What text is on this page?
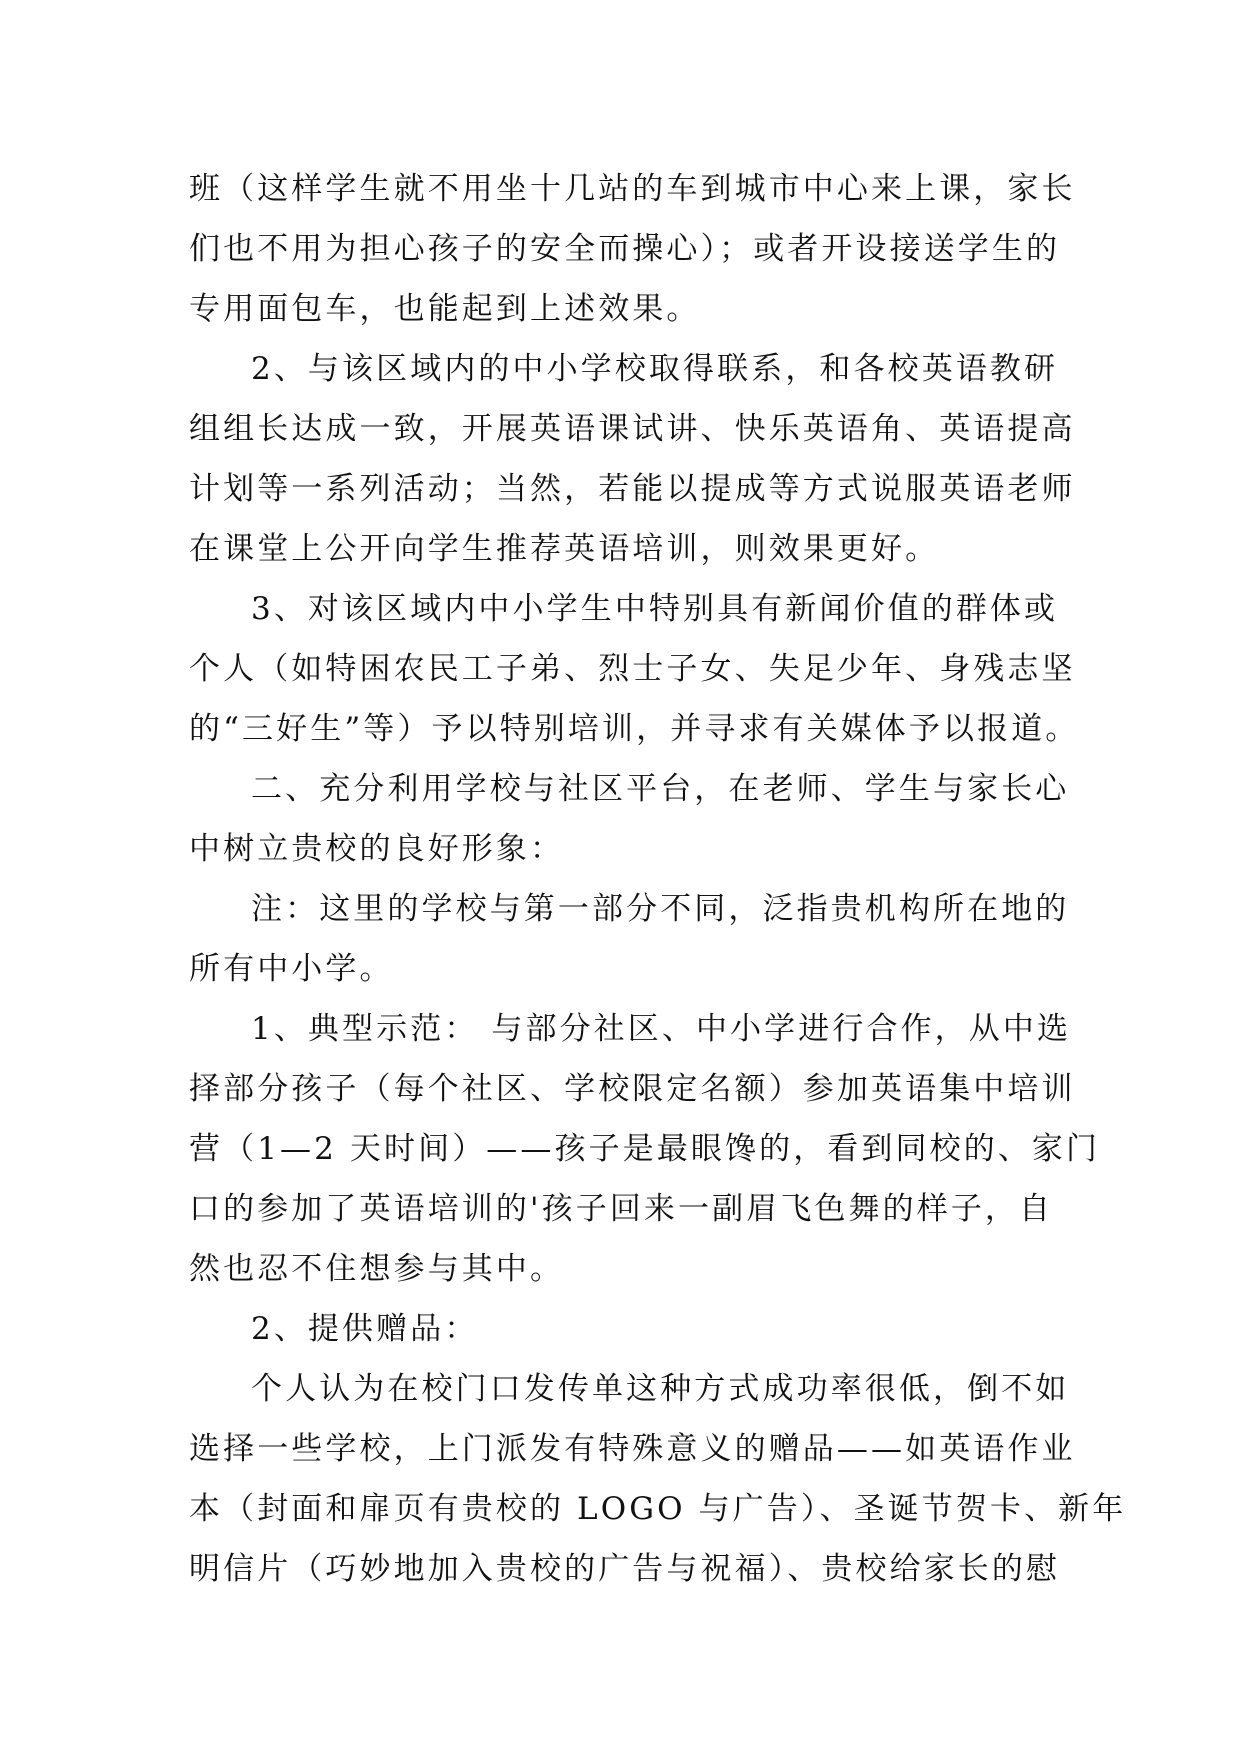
班（这样学生就不用坐十几站的车到城市中心来上课，家长
们也不用为担心孩子的安全而操心）；或者开设接送学生的
专用面包车，也能起到上述效果。
2、与该区域内的中小学校取得联系，和各校英语教研
组组长达成一致，开展英语课试讲、快乐英语角、英语提高
计划等一系列活动；当然，若能以提成等方式说服英语老师
在课堂上公开向学生推荐英语培训，则效果更好。
3、对该区域内中小学生中特别具有新闻价值的群体或
个人（如特困农民工子弟、烈士子女、失足少年、身残志坚
的“三好生”等）予以特别培训，并寻求有关媒体予以报道。
二、充分利用学校与社区平台，在老师、学生与家长心
中树立贵校的良好形象：
注：这里的学校与第一部分不同，泛指贵机构所在地的
所有中小学。
1、典型示范： 与部分社区、中小学进行合作，从中选
择部分孩子（每个社区、学校限定名额）参加英语集中培训
营（1—2 天时间）——孩子是最眼馋的，看到同校的、家门
口的参加了英语培训的'孩子回来一副眉飞色舞的样子，自
然也忍不住想参与其中。
2、提供赠品：
个人认为在校门口发传单这种方式成功率很低，倒不如
选择一些学校，上门派发有特殊意义的赠品——如英语作业
本（封面和扉页有贵校的 LOGO 与广告）、圣诞节贺卡、新年
明信片（巧妙地加入贵校的广告与祝福）、贵校给家长的慰
